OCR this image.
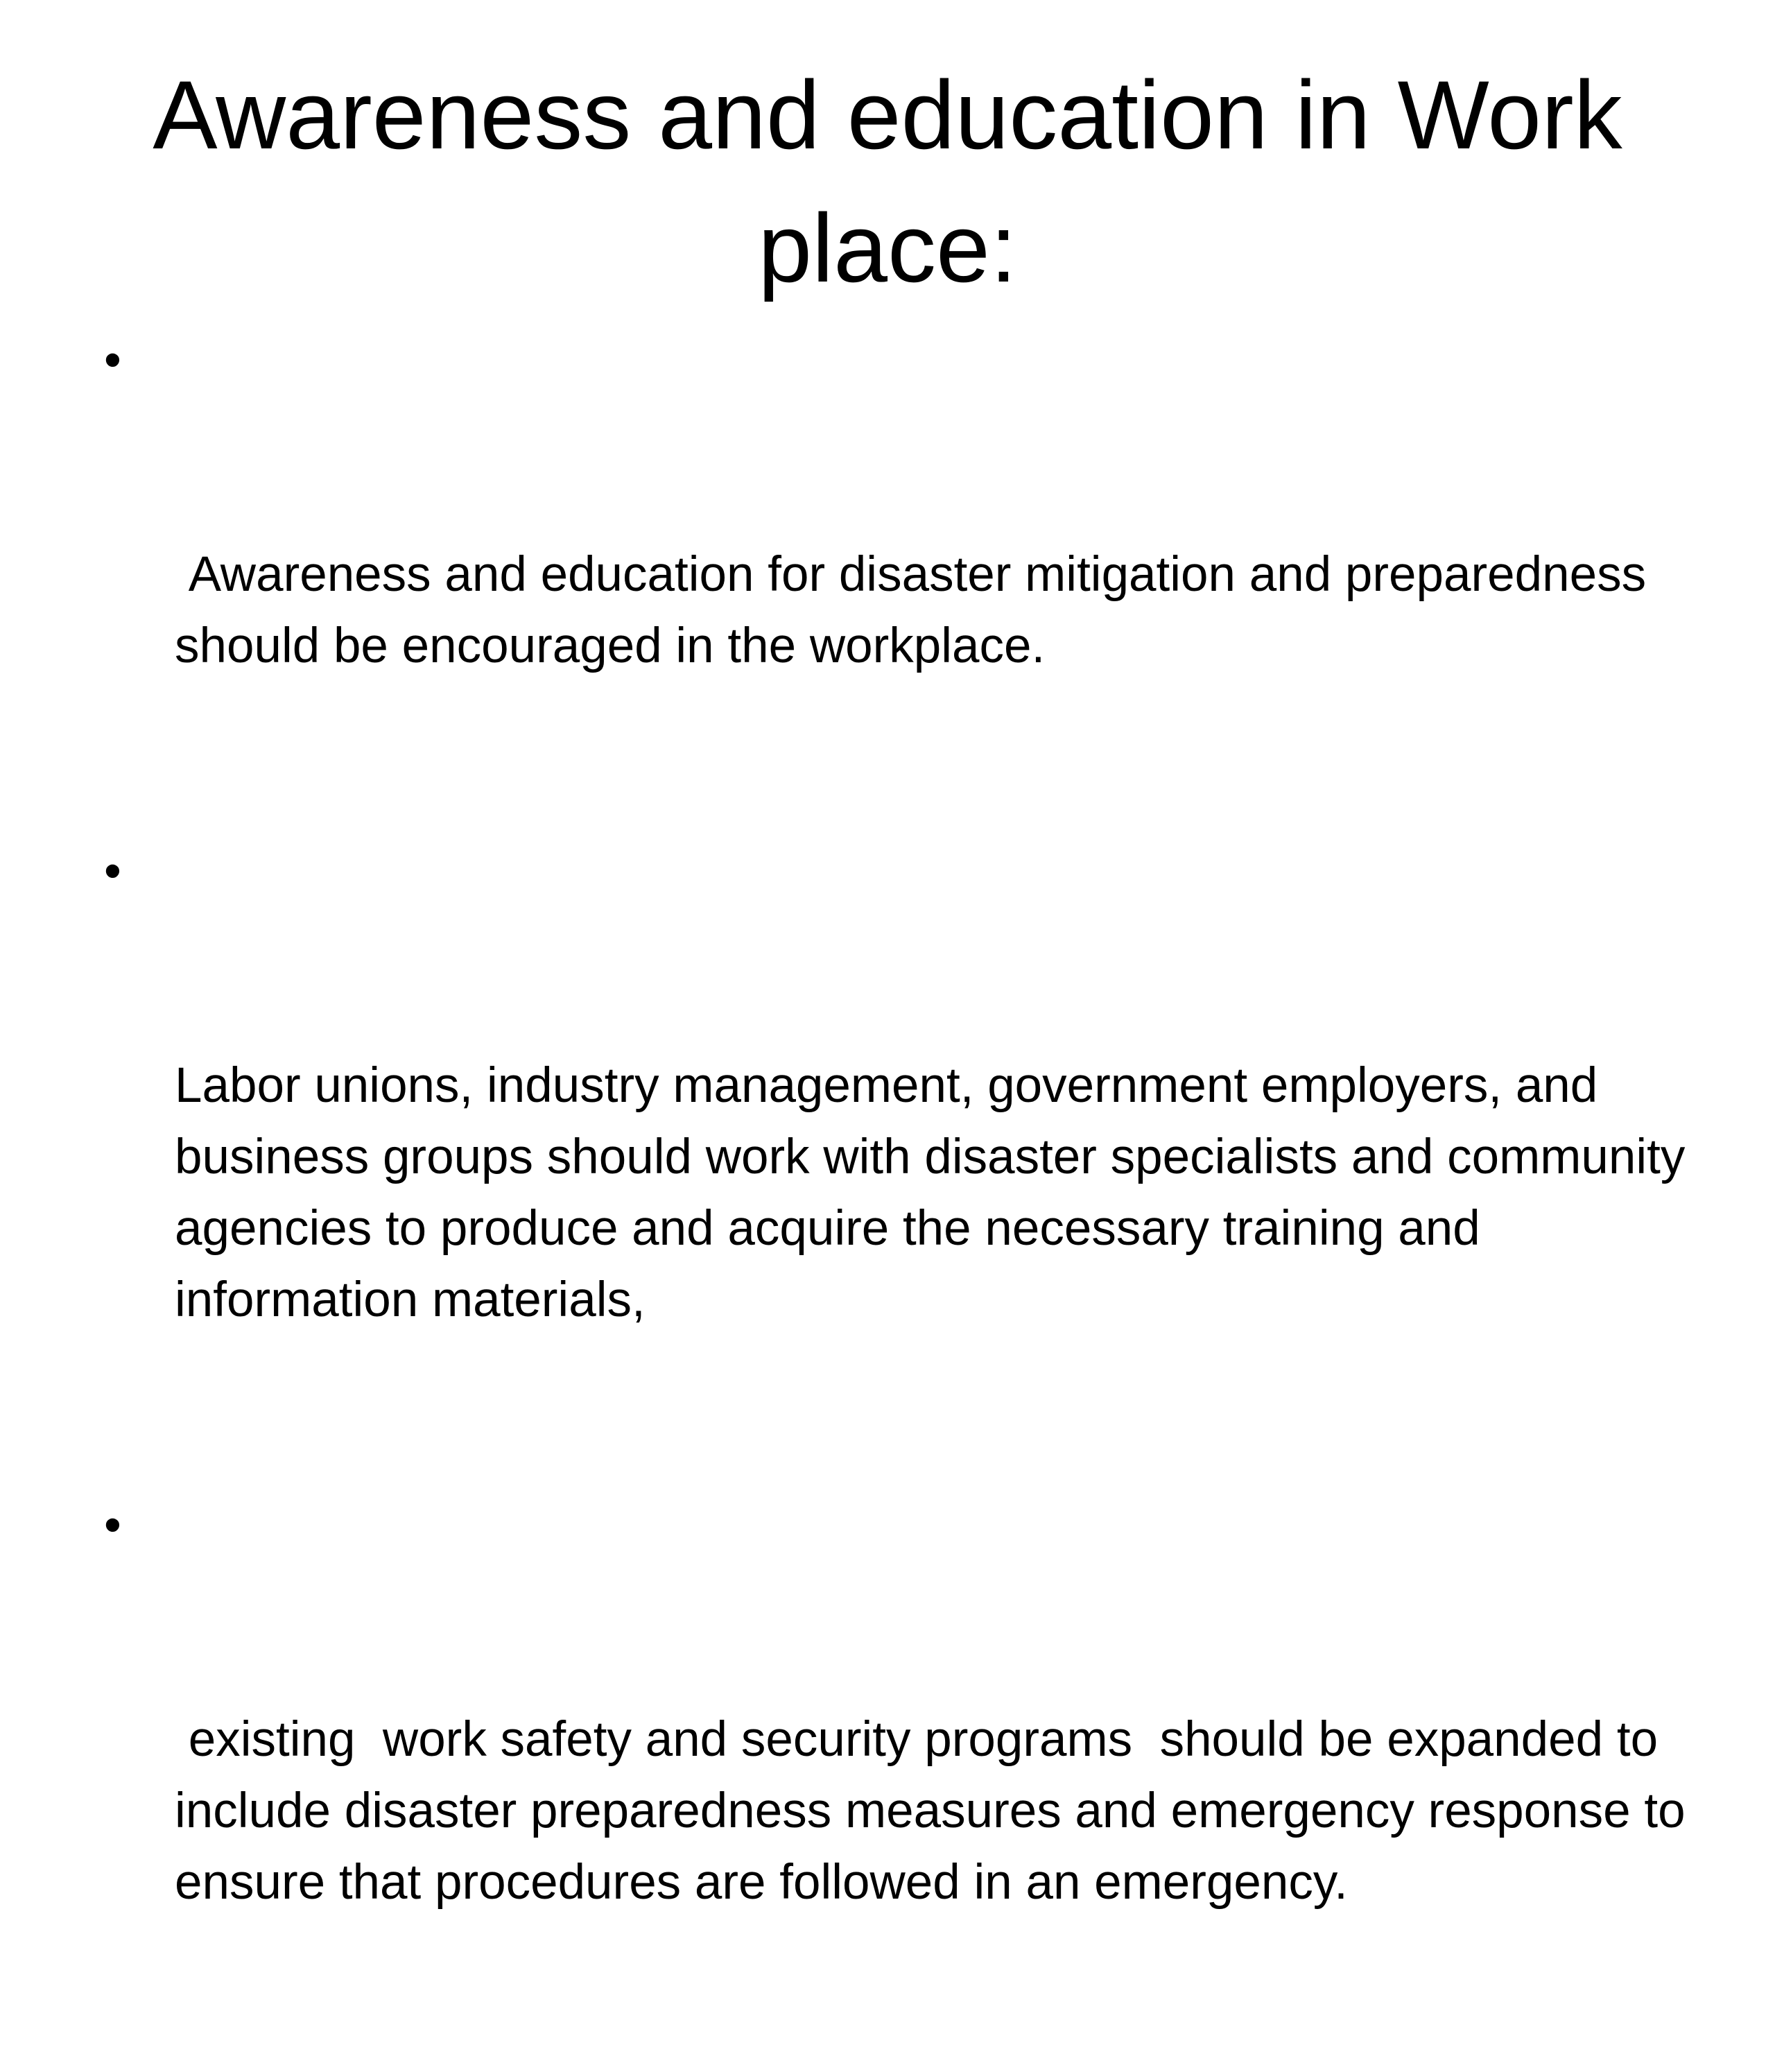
Awareness and education in Work place:

•

Awareness and education for disaster mitigation and preparedness should be encouraged in the workplace.

•

Labor unions, industry management, government employers, and business groups should work with disaster specialists and community agencies to produce and acquire the necessary training and information materials,

•

existing  work safety and security programs  should be expanded to include disaster preparedness measures and emergency response to ensure that procedures are followed in an emergency.
